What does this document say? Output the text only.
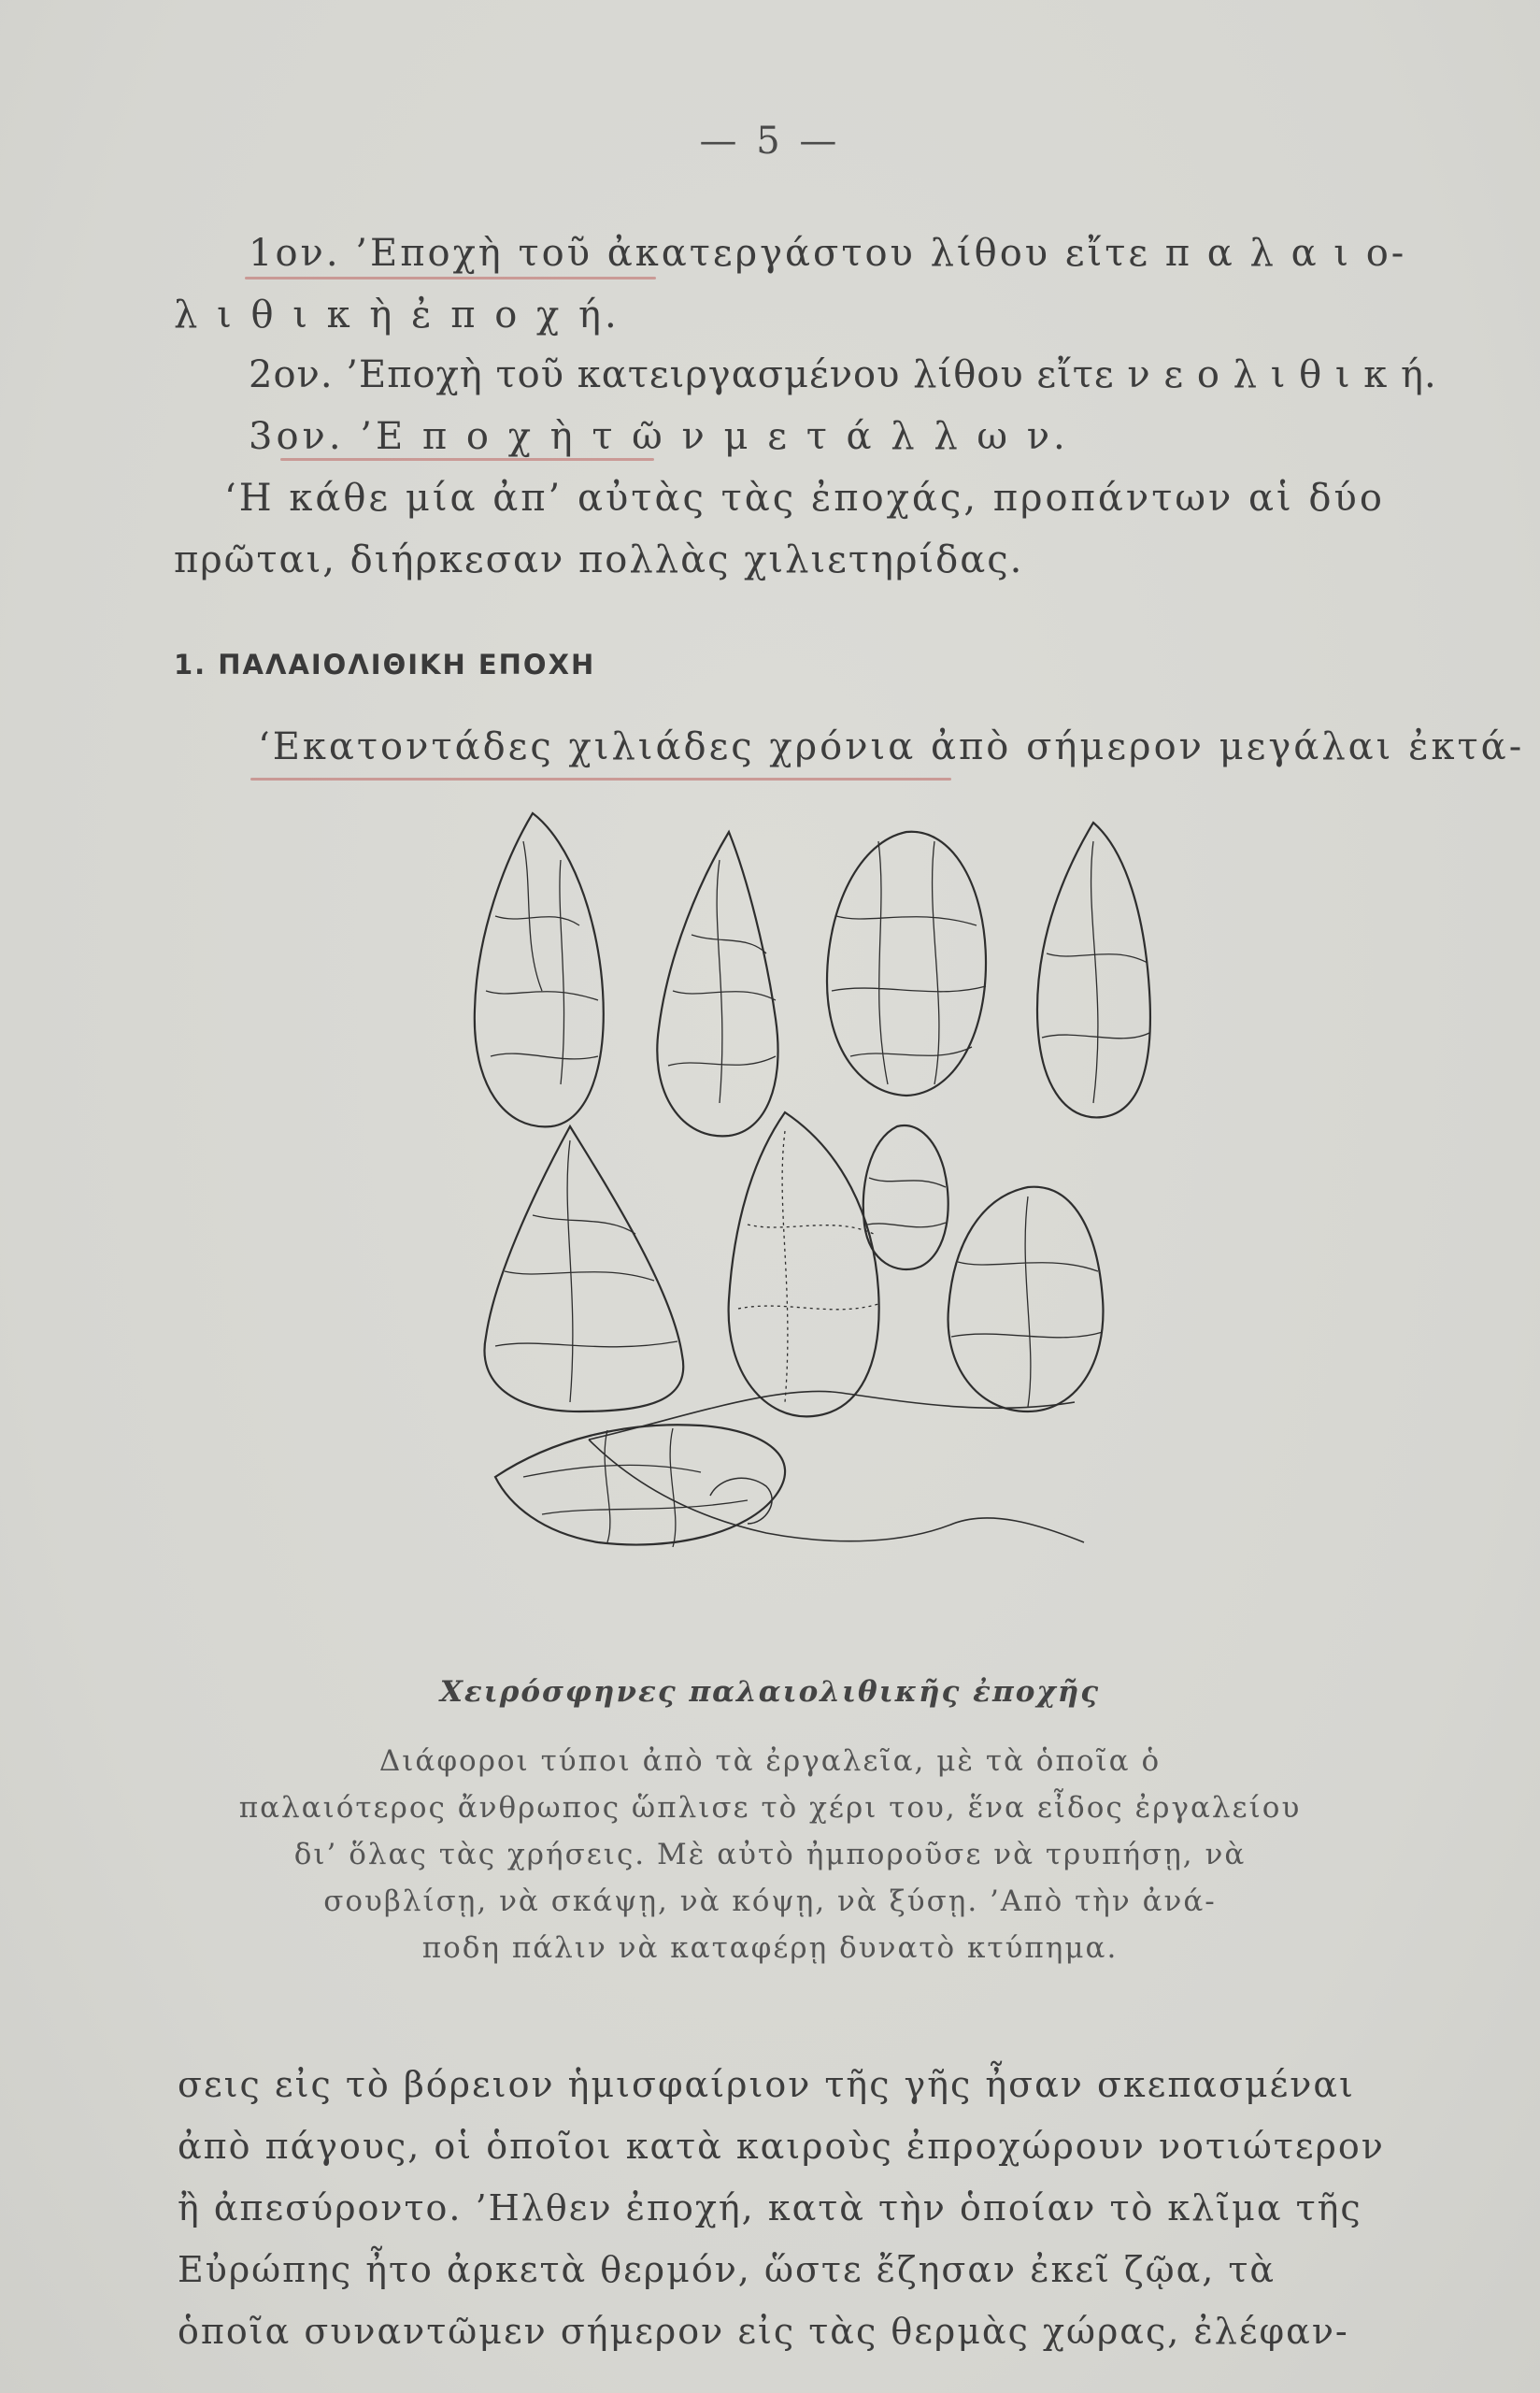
— 5 —
1ον. ’Εποχὴ τοῦ ἀκατεργάστου λίθου εἴτε π α λ α ι ο-
λ ι θ ι κ ὴ ἐ π ο χ ή.
2ον. ’Εποχὴ τοῦ κατειργασμένου λίθου εἴτε ν ε ο λ ι θ ι κ ή.
3ον. ’Ε π ο χ ὴ τ ῶ ν μ ε τ ά λ λ ω ν.
‘Η κάθε μία ἀπ’ αὐτὰς τὰς ἐποχάς, προπάντων αἱ δύο
πρῶται, διήρκεσαν πολλὰς χιλιετηρίδας.
1. ΠΑΛΑΙΟΛΙΘΙΚΗ ΕΠΟΧΗ
‘Εκατοντάδες χιλιάδες χρόνια ἀπὸ σήμερον μεγάλαι ἐκτά-
Χειρόσφηνες παλαιολιθικῆς ἐποχῆς
Διάφοροι τύποι ἀπὸ τὰ ἐργαλεῖα, μὲ τὰ ὁποῖα ὁ
παλαιότερος ἄνθρωπος ὥπλισε τὸ χέρι του, ἕνα εἶδος ἐργαλείου
δι’ ὅλας τὰς χρήσεις. Μὲ αὐτὸ ἠμποροῦσε νὰ τρυπήσῃ, νὰ
σουβλίσῃ, νὰ σκάψῃ, νὰ κόψῃ, νὰ ξύσῃ. ’Απὸ τὴν ἀνά-
ποδη πάλιν νὰ καταφέρῃ δυνατὸ κτύπημα.
σεις εἰς τὸ βόρειον ἡμισφαίριον τῆς γῆς ἦσαν σκεπασμέναι
ἀπὸ πάγους, οἱ ὁποῖοι κατὰ καιροὺς ἐπροχώρουν νοτιώτερον
ἢ ἀπεσύροντο. ’Ηλθεν ἐποχή, κατὰ τὴν ὁποίαν τὸ κλῖμα τῆς
Εὐρώπης ἦτο ἀρκετὰ θερμόν, ὥστε ἔζησαν ἐκεῖ ζῷα, τὰ
ὁποῖα συναντῶμεν σήμερον εἰς τὰς θερμὰς χώρας, ἐλέφαν-
